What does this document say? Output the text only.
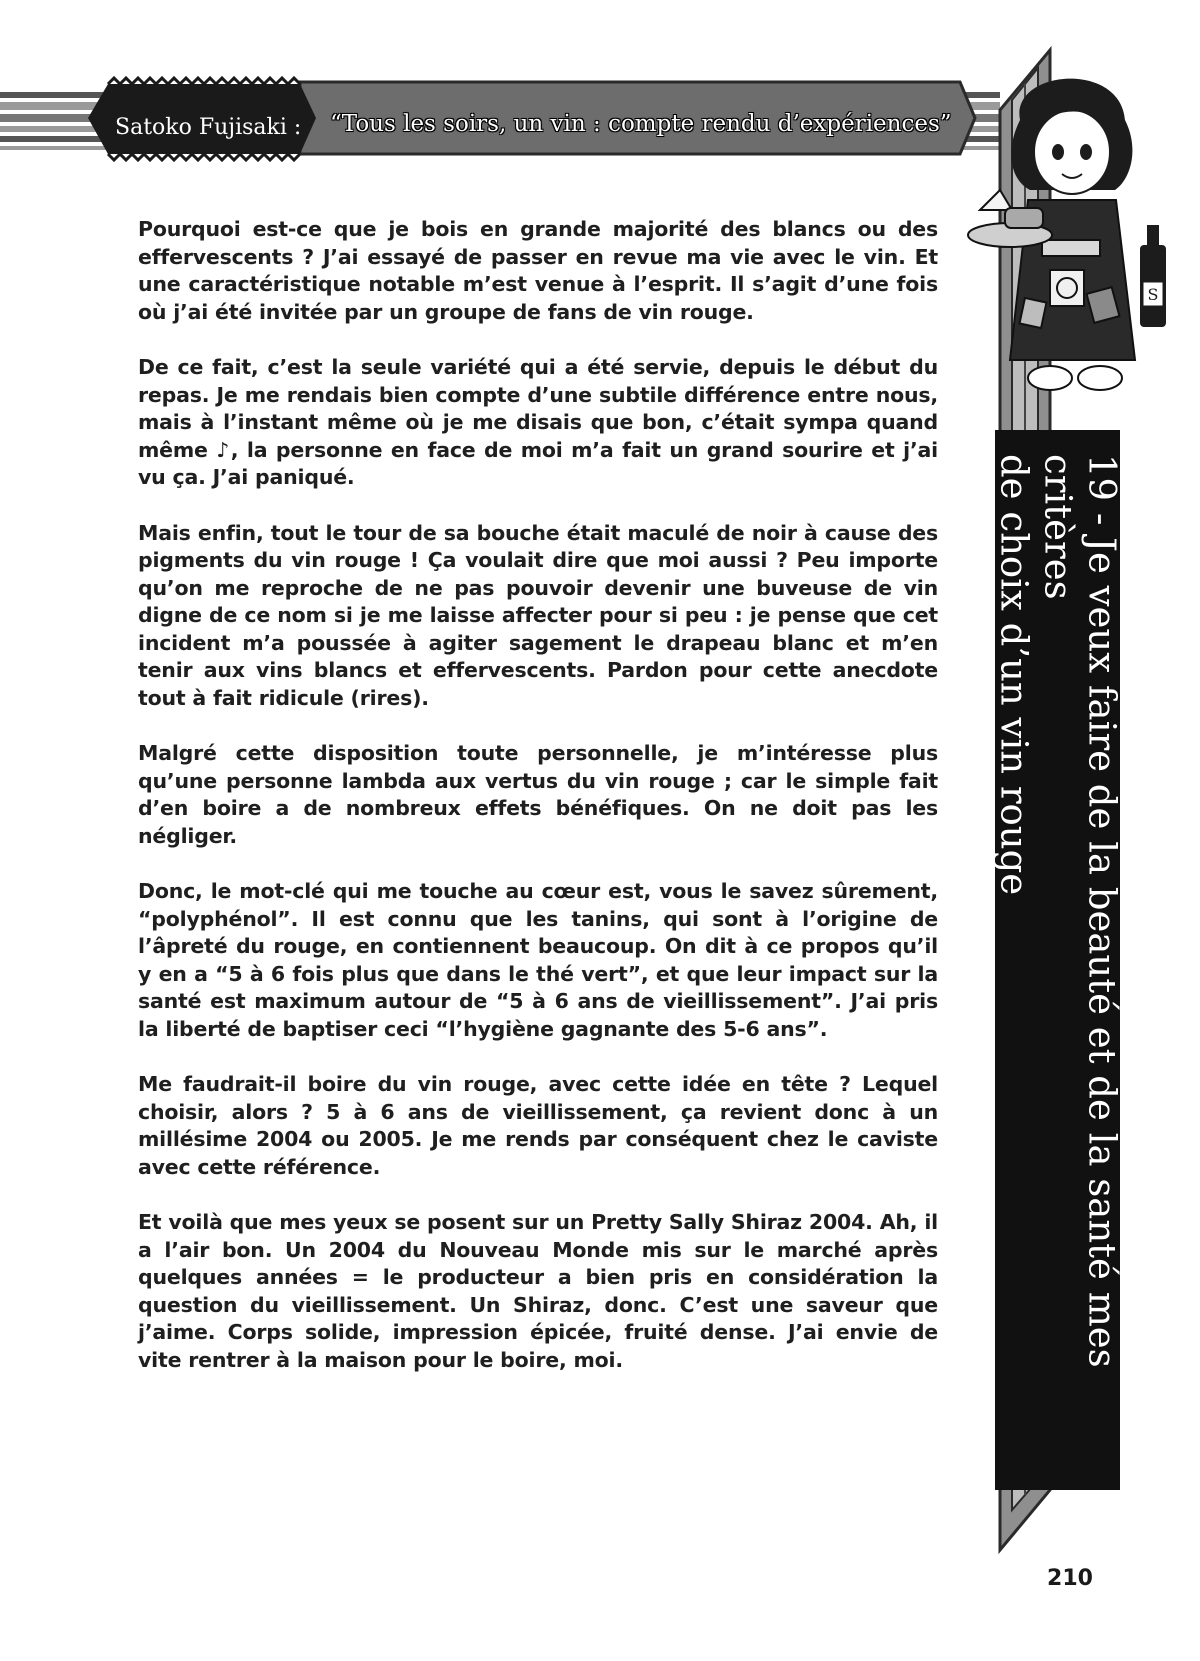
Satoko Fujisaki : “Tous les soirs, un vin : compte rendu d’expériences”
19 - Je veux faire de la beauté et de la santé mes critères
de choix d’un vin rouge
S

Pourquoi est-ce que je bois en grande majorité des blancs ou des effervescents ? J’ai essayé de passer en revue ma vie avec le vin. Et une caractéristique notable m’est venue à l’esprit. Il s’agit d’une fois où j’ai été invitée par un groupe de fans de vin rouge.

De ce fait, c’est la seule variété qui a été servie, depuis le début du repas. Je me rendais bien compte d’une subtile différence entre nous, mais à l’instant même où je me disais que bon, c’était sympa quand même ♪, la personne en face de moi m’a fait un grand sourire et j’ai vu ça. J’ai paniqué.

Mais enfin, tout le tour de sa bouche était maculé de noir à cause des pigments du vin rouge ! Ça voulait dire que moi aussi ? Peu importe qu’on me reproche de ne pas pouvoir devenir une buveuse de vin digne de ce nom si je me laisse affecter pour si peu : je pense que cet incident m’a poussée à agiter sagement le drapeau blanc et m’en tenir aux vins blancs et effervescents. Pardon pour cette anecdote tout à fait ridicule (rires).

Malgré cette disposition toute personnelle, je m’intéresse plus qu’une personne lambda aux vertus du vin rouge ; car le simple fait d’en boire a de nombreux effets bénéfiques. On ne doit pas les négliger.

Donc, le mot-clé qui me touche au cœur est, vous le savez sûrement, “polyphénol”. Il est connu que les tanins, qui sont à l’origine de l’âpreté du rouge, en contiennent beaucoup. On dit à ce propos qu’il y en a “5 à 6 fois plus que dans le thé vert”, et que leur impact sur la santé est maximum autour de “5 à 6 ans de vieillissement”. J’ai pris la liberté de baptiser ceci “l’hygiène gagnante des 5-6 ans”.

Me faudrait-il boire du vin rouge, avec cette idée en tête ? Lequel choisir, alors ? 5 à 6 ans de vieillissement, ça revient donc à un millésime 2004 ou 2005. Je me rends par conséquent chez le caviste avec cette référence.

Et voilà que mes yeux se posent sur un Pretty Sally Shiraz 2004. Ah, il a l’air bon. Un 2004 du Nouveau Monde mis sur le marché après quelques années = le producteur a bien pris en considération la question du vieillissement. Un Shiraz, donc. C’est une saveur que j’aime. Corps solide, impression épicée, fruité dense. J’ai envie de vite rentrer à la maison pour le boire, moi.

210
